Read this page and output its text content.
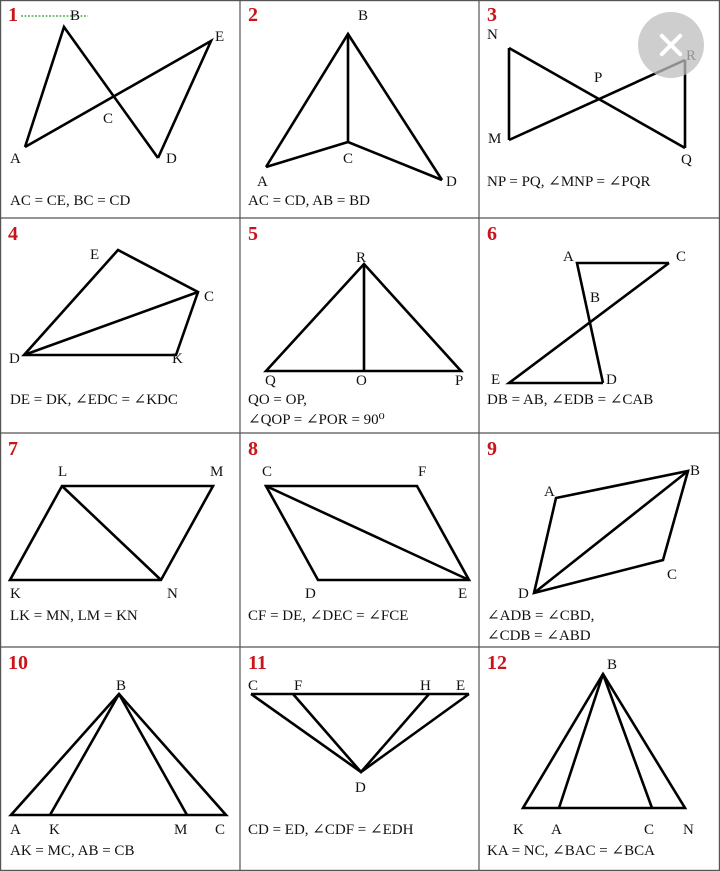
1	B
E
C
A	D
AC = CE, BC = CD
2	B
C
A	D
AC = CD, AB = BD
3
N
P
M
Q
NP = PQ, ∠MNP = ∠PQR
4
E
C
D	K
DE = DK, ∠EDC = ∠KDC
5
R
Q	O	P
QO = OP,
∠QOP = ∠POR = 90⁰
6
A	C
B
E	D
DB = AB, ∠EDB = ∠CAB
7
L	M
K	N
LK = MN, LM = KN
8
C	F
D	E
CF = DE, ∠DEC = ∠FCE
9
A
B
C
D
∠ADB = ∠CBD,
∠CDB = ∠ABD
10
B
A K	M C
AK = MC, AB = CB
11
C F	H E
D
CD = ED, ∠CDF = ∠EDH
12	B
K A	C N
KA = NC, ∠BAC = ∠BCA
